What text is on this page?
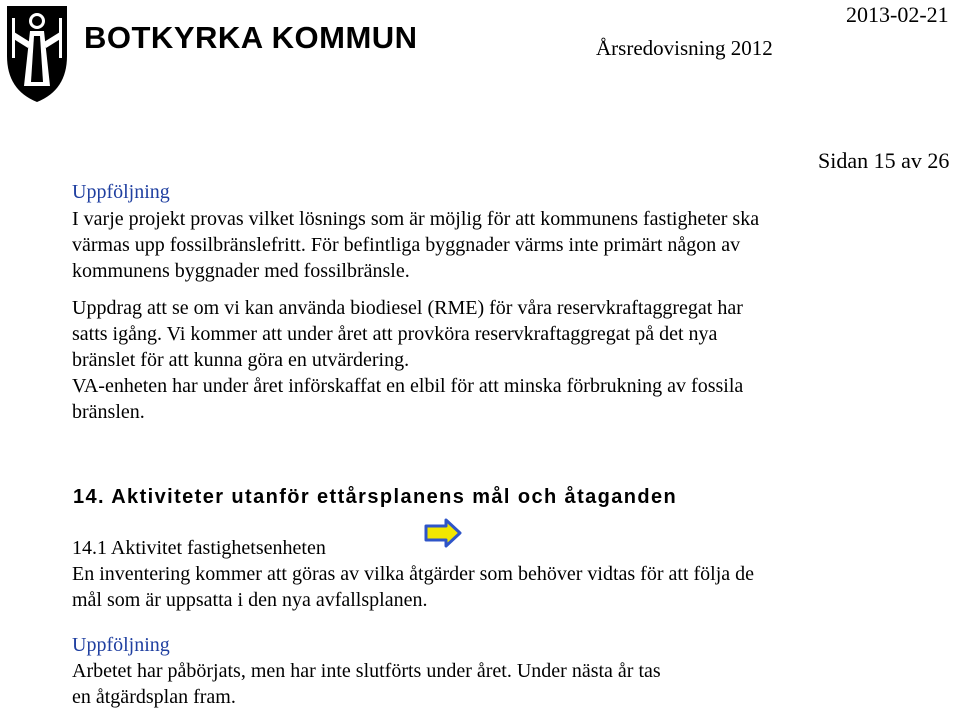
BOTKYRKA KOMMUN
2013-02-21
Årsredovisning 2012
Sidan 15 av 26
Uppföljning
I varje projekt provas vilket lösnings som är möjlig för att kommunens fastigheter ska
värmas upp fossilbränslefritt. För befintliga byggnader värms inte primärt någon av
kommunens byggnader med fossilbränsle.
Uppdrag att se om vi kan använda biodiesel (RME) för våra reservkraftaggregat har
satts igång. Vi kommer att under året att provköra reservkraftaggregat på det nya
bränslet för att kunna göra en utvärdering.
VA-enheten har under året införskaffat en elbil för att minska förbrukning av fossila
bränslen.
14. Aktiviteter utanför ettårsplanens mål och åtaganden
14.1 Aktivitet fastighetsenheten
En inventering kommer att göras av vilka åtgärder som behöver vidtas för att följa de
mål som är uppsatta i den nya avfallsplanen.
Uppföljning
Arbetet har påbörjats, men har inte slutförts under året. Under nästa år tas
en åtgärdsplan fram.
